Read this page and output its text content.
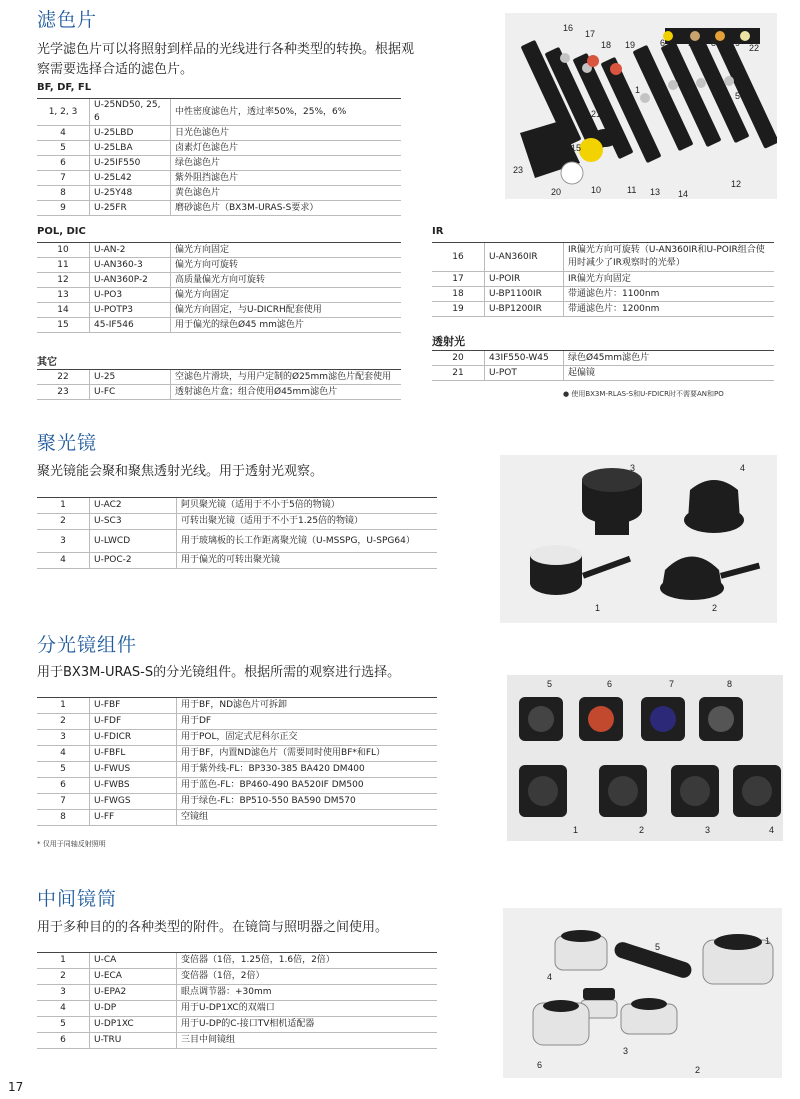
滤色片
光学滤色片可以将照射到样品的光线进行各种类型的转换。根据观察需要选择合适的滤色片。
BF, DF, FL
1, 2, 3	U-25ND50, 25, 6	中性密度滤色片，透过率50%，25%，6%
4	U-25LBD	日光色滤色片
5	U-25LBA	卤素灯色滤色片
6	U-25IF550	绿色滤色片
7	U-25L42	紫外阻挡滤色片
8	U-25Y48	黄色滤色片
9	U-25FR	磨砂滤色片（BX3M-URAS-S要求）
POL, DIC
10	U-AN-2	偏光方向固定
11	U-AN360-3	偏光方向可旋转
12	U-AN360P-2	高质量偏光方向可旋转
13	U-PO3	偏光方向固定
14	U-POTP3	偏光方向固定，与U-DICRH配套使用
15	45-IF546	用于偏光的绿色Ø45 mm滤色片
其它
22	U-25	空滤色片滑块，与用户定制的Ø25mm滤色片配套使用
23	U-FC	透射滤色片盒；组合使用Ø45mm滤色片
IR
16	U-AN360IR	IR偏光方向可旋转（U-AN360IR和U-POIR组合使用时减少了IR观察时的光晕）
17	U-POIR	IR偏光方向固定
18	U-BP1100IR	带通滤色片：1100nm
19	U-BP1200IR	带通滤色片：1200nm
透射光
20	43IF550-W45	绿色Ø45mm滤色片
21	U-POT	起偏镜
● 使用BX3M-RLAS-S和U-FDICR时不需要AN和PO
16
17
18 19	6 7 8 9 22
1 2 3 4 5
21
15
23
20	10	11 13 14
12
聚光镜
聚光镜能会聚和聚焦透射光线。用于透射光观察。
1	U-AC2	阿贝聚光镜（适用于不小于5倍的物镜）
2	U-SC3	可转出聚光镜（适用于不小于1.25倍的物镜）
3	U-LWCD	用于玻璃板的长工作距离聚光镜（U-MSSPG，U-SPG64）
4	U-POC-2	用于偏光的可转出聚光镜
3	4
1	2
分光镜组件
用于BX3M-URAS-S的分光镜组件。根据所需的观察进行选择。
1	U-FBF	用于BF，ND滤色片可拆卸
2	U-FDF	用于DF
3	U-FDICR	用于POL，固定式尼科尔正交
4	U-FBFL	用于BF，内置ND滤色片（需要同时使用BF*和FL）
5	U-FWUS	用于紫外线-FL：BP330-385 BA420 DM400
6	U-FWBS	用于蓝色-FL：BP460-490 BA520IF DM500
7	U-FWGS	用于绿色-FL：BP510-550 BA590 DM570
8	U-FF	空镜组
* 仅用于同轴反射照明
5	6	7	8
1	2	3	4
中间镜筒
用于多种目的的各种类型的附件。在镜筒与照明器之间使用。
1	U-CA	变倍器（1倍，1.25倍，1.6倍，2倍）
2	U-ECA	变倍器（1倍，2倍）
3	U-EPA2	眼点调节器：+30mm
4	U-DP	用于U-DP1XC的双端口
5	U-DP1XC	用于U-DP的C-接口TV相机适配器
6	U-TRU	三目中间镜组
5
1
4
3
6	2
17
